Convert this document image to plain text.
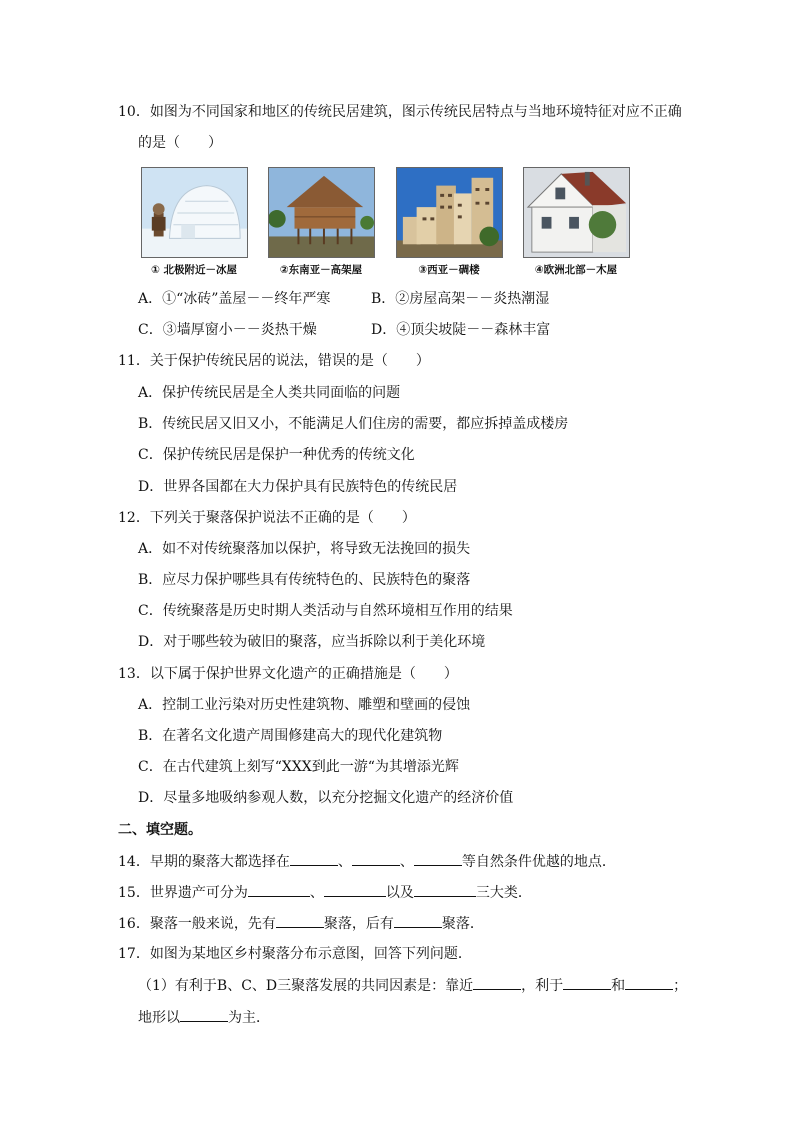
10．如图为不同国家和地区的传统民居建筑，图示传统民居特点与当地环境特征对应不正确
的是（　　）
① 北极附近－冰屋	②东南亚－高架屋	③西亚－碉楼	④欧洲北部－木屋
A．①“冰砖”盖屋－－终年严寒	B．②房屋高架－－炎热潮湿
C．③墙厚窗小－－炎热干燥	D．④顶尖坡陡－－森林丰富
11．关于保护传统民居的说法，错误的是（　　）
A．保护传统民居是全人类共同面临的问题
B．传统民居又旧又小，不能满足人们住房的需要，都应拆掉盖成楼房
C．保护传统民居是保护一种优秀的传统文化
D．世界各国都在大力保护具有民族特色的传统民居
12．下列关于聚落保护说法不正确的是（　　）
A．如不对传统聚落加以保护，将导致无法挽回的损失
B．应尽力保护哪些具有传统特色的、民族特色的聚落
C．传统聚落是历史时期人类活动与自然环境相互作用的结果
D．对于哪些较为破旧的聚落，应当拆除以利于美化环境
13．以下属于保护世界文化遗产的正确措施是（　　）
A．控制工业污染对历史性建筑物、雕塑和壁画的侵蚀
B．在著名文化遗产周围修建高大的现代化建筑物
C．在古代建筑上刻写“XXX到此一游“为其增添光辉
D．尽量多地吸纳参观人数，以充分挖掘文化遗产的经济价值
二、填空题。
14．早期的聚落大都选择在	、	、	等自然条件优越的地点．
15．世界遗产可分为	、	以及	三大类．
16．聚落一般来说，先有	聚落，后有	聚落．
17．如图为某地区乡村聚落分布示意图，回答下列问题．
（1）有利于B、C、D三聚落发展的共同因素是：靠近	，利于	和	；
地形以	为主．
